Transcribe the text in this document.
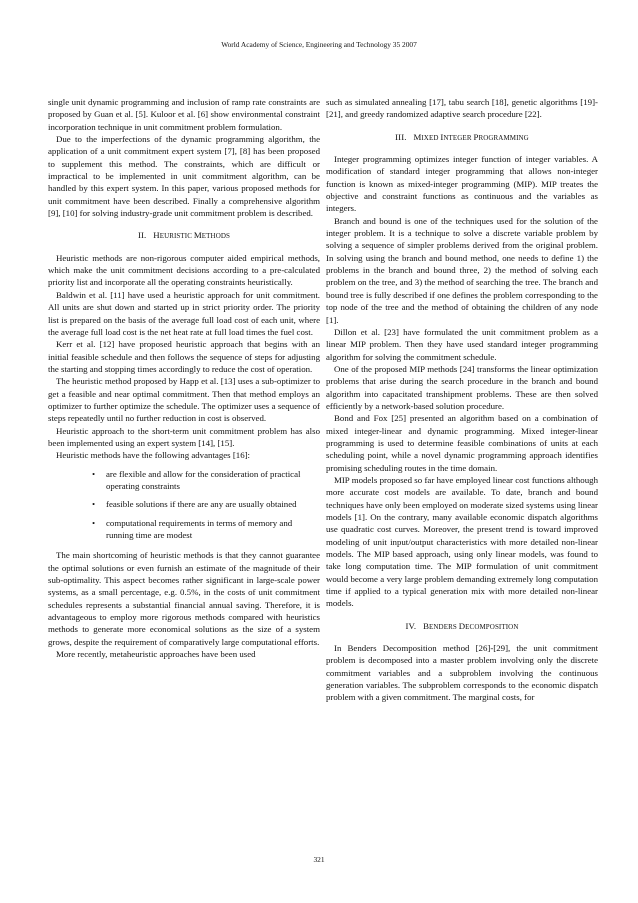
World Academy of Science, Engineering and Technology 35 2007

single unit dynamic programming and inclusion of ramp rate constraints are proposed by Guan et al. [5]. Kuloor et al. [6] show environmental constraint incorporation technique in unit commitment problem formulation.

Due to the imperfections of the dynamic programming algorithm, the application of a unit commitment expert system [7], [8] has been proposed to supplement this method. The constraints, which are difficult or impractical to be implemented in unit commitment algorithm, can be handled by this expert system. In this paper, various proposed methods for unit commitment have been described. Finally a comprehensive algorithm [9], [10] for solving industry-grade unit commitment problem is described.

II. HEURISTIC METHODS

Heuristic methods are non-rigorous computer aided empirical methods, which make the unit commitment decisions according to a pre-calculated priority list and incorporate all the operating constraints heuristically.

Baldwin et al. [11] have used a heuristic approach for unit commitment. All units are shut down and started up in strict priority order. The priority list is prepared on the basis of the average full load cost of each unit, where the average full load cost is the net heat rate at full load times the fuel cost.

Kerr et al. [12] have proposed heuristic approach that begins with an initial feasible schedule and then follows the sequence of steps for adjusting the starting and stopping times accordingly to reduce the cost of operation.

The heuristic method proposed by Happ et al. [13] uses a sub-optimizer to get a feasible and near optimal commitment. Then that method employs an optimizer to further optimize the schedule. The optimizer uses a sequence of steps repeatedly until no further reduction in cost is observed.

Heuristic approach to the short-term unit commitment problem has also been implemented using an expert system [14], [15].

Heuristic methods have the following advantages [16]:

• are flexible and allow for the consideration of practical operating constraints
• feasible solutions if there are any are usually obtained
• computational requirements in terms of memory and running time are modest

The main shortcoming of heuristic methods is that they cannot guarantee the optimal solutions or even furnish an estimate of the magnitude of their sub-optimality. This aspect becomes rather significant in large-scale power systems, as a small percentage, e.g. 0.5%, in the costs of unit commitment schedules represents a substantial financial annual saving. Therefore, it is advantageous to employ more rigorous methods compared with heuristics methods to generate more economical solutions as the size of a system grows, despite the requirement of comparatively large computational efforts.

More recently, metaheuristic approaches have been used

such as simulated annealing [17], tabu search [18], genetic algorithms [19]-[21], and greedy randomized adaptive search procedure [22].

III. MIXED INTEGER PROGRAMMING

Integer programming optimizes integer function of integer variables. A modification of standard integer programming that allows non-integer function is known as mixed-integer programming (MIP). MIP treates the objective and constraint functions as continuous and the variables as integers.

Branch and bound is one of the techniques used for the solution of the integer problem. It is a technique to solve a discrete variable problem by solving a sequence of simpler problems derived from the original problem. In solving using the branch and bound method, one needs to define 1) the problems in the branch and bound three, 2) the method of solving each problem on the tree, and 3) the method of searching the tree. The branch and bound tree is fully described if one defines the problem corresponding to the top node of the tree and the method of obtaining the children of any node [1].

Dillon et al. [23] have formulated the unit commitment problem as a linear MIP problem. Then they have used standard integer programming algorithm for solving the commitment schedule.

One of the proposed MIP methods [24] transforms the linear optimization problems that arise during the search procedure in the branch and bound algorithm into capacitated transhipment problems. These are then solved efficiently by a network-based solution procedure.

Bond and Fox [25] presented an algorithm based on a combination of mixed integer-linear and dynamic programming. Mixed integer-linear programming is used to determine feasible combinations of units at each scheduling point, while a novel dynamic programming approach identifies promising scheduling routes in the time domain.

MIP models proposed so far have employed linear cost functions although more accurate cost models are available. To date, branch and bound techniques have only been employed on moderate sized systems using linear models [1]. On the contrary, many available economic dispatch algorithms use quadratic cost curves. Moreover, the present trend is toward improved modeling of unit input/output characteristics with more detailed non-linear models. The MIP based approach, using only linear models, was found to take long computation time. The MIP formulation of unit commitment would become a very large problem demanding extremely long computation time if applied to a typical generation mix with more detailed non-linear models.

IV. BENDERS DECOMPOSITION

In Benders Decomposition method [26]-[29], the unit commitment problem is decomposed into a master problem involving only the discrete commitment variables and a subproblem involving the continuous generation variables. The subproblem corresponds to the economic dispatch problem with a given commitment. The marginal costs, for

321
